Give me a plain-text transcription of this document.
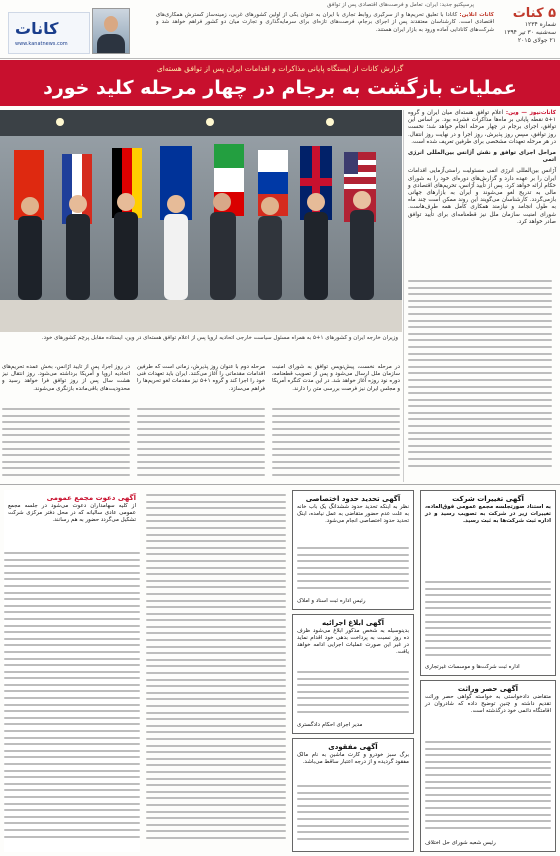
پرسپکتیو جدید: ایران، تعامل و فرصت‌های اقتصادی پس از توافق
۵ کنات
شماره ۱۲۳۴
سه‌شنبه ۳۰ تیر ۱۳۹۴
۲۱ جولای ۲۰۱۵
کانات آنلاین: کانادا با تعلیق تحریم‌ها و از سرگیری روابط تجاری با ایران به عنوان یکی از اولین کشورهای غربی، زمینه‌ساز گسترش همکاری‌های اقتصادی است. کارشناسان معتقدند پس از اجرای برجام، فرصت‌های تازه‌ای برای سرمایه‌گذاری و تجارت میان دو کشور فراهم خواهد شد و شرکت‌های کانادایی آماده ورود به بازار ایران هستند.
کانات
www.kanatnews.com
گزارش کانات از ایستگاه پایانی مذاکرات و اقدامات ایران پس از توافق هسته‌ای
عملیات بازگشت به برجام در چهار مرحله کلید خورد
وزیران خارجه ایران و کشورهای ۱+۵ به همراه مسئول سیاست خارجی اتحادیه اروپا پس از اعلام توافق هسته‌ای در وین، ایستاده مقابل پرچم کشورهای خود.

کانات‌نیوز‌ — وین: اعلام توافق هسته‌ای میان ایران و گروه ۱+۵ نقطه پایانی بر ماه‌ها مذاکرات فشرده بود. بر اساس این توافق، اجرای برجام در چهار مرحله انجام خواهد شد؛ نخست روز توافق، سپس روز پذیرش، روز اجرا و در نهایت روز انتقال. در هر مرحله تعهدات مشخصی برای طرفین تعریف شده است.

مراحل اجرای توافق و نقش آژانس بین‌المللی انرژی اتمی

آژانس بین‌المللی انرژی اتمی مسئولیت راستی‌آزمایی اقدامات ایران را بر عهده دارد و گزارش‌های دوره‌ای خود را به شورای حکام ارائه خواهد کرد. پس از تأیید آژانس، تحریم‌های اقتصادی و مالی به تدریج لغو می‌شوند و ایران به بازارهای جهانی بازمی‌گردد. کارشناسان می‌گویند این روند ممکن است چند ماه به طول انجامد و نیازمند همکاری کامل همه طرف‌هاست. شورای امنیت سازمان ملل نیز قطعنامه‌ای برای تأیید توافق صادر خواهد کرد.

در مرحله نخست، پیش‌نویس توافق به شورای امنیت سازمان ملل ارسال می‌شود و پس از تصویب قطعنامه، دوره نود روزه آغاز خواهد شد. در این مدت کنگره آمریکا و مجلس ایران نیز فرصت بررسی متن را دارند.
مرحله دوم با عنوان روز پذیرش، زمانی است که طرفین اقدامات مقدماتی را آغاز می‌کنند. ایران باید تعهدات فنی خود را اجرا کند و گروه ۱+۵ نیز مقدمات لغو تحریم‌ها را فراهم می‌سازد.
در روز اجرا، پس از تأیید آژانس، بخش عمده تحریم‌های اتحادیه اروپا و آمریکا برداشته می‌شود. روز انتقال نیز هشت سال پس از روز توافق فرا خواهد رسید و محدودیت‌های باقی‌مانده بازنگری می‌شوند.
آگهی تغییرات شرکت
به استناد صورتجلسه مجمع عمومی فوق‌العاده، تغییرات زیر در شرکت به تصویب رسید و در اداره ثبت شرکت‌ها به ثبت رسید.
اداره ثبت شرکت‌ها و موسسات غیرتجاری
آگهی حصر وراثت
متقاضی دادخواستی به خواسته گواهی حصر وراثت تقدیم داشته و چنین توضیح داده که شادروان در اقامتگاه دائمی خود درگذشته است.
رئیس شعبه شورای حل اختلاف
آگهی تحدید حدود اختصاصی
نظر به اینکه تحدید حدود ششدانگ یک باب خانه به علت عدم حضور متقاضی به عمل نیامده، اینک تحدید حدود اختصاصی انجام می‌شود.
رئیس اداره ثبت اسناد و املاک
آگهی ابلاغ اجرائیه
بدینوسیله به شخص مذکور ابلاغ می‌شود ظرف ده روز نسبت به پرداخت بدهی خود اقدام نماید در غیر این صورت عملیات اجرایی ادامه خواهد یافت.
مدیر اجرای احکام دادگستری
آگهی مفقودی
برگ سبز خودرو و کارت ماشین به نام مالک مفقود گردیده و از درجه اعتبار ساقط می‌باشد.
آگهی دعوت مجمع عمومی
از کلیه سهامداران دعوت می‌شود در جلسه مجمع عمومی عادی سالیانه که در محل دفتر مرکزی شرکت تشکیل می‌گردد حضور به هم رسانند.
